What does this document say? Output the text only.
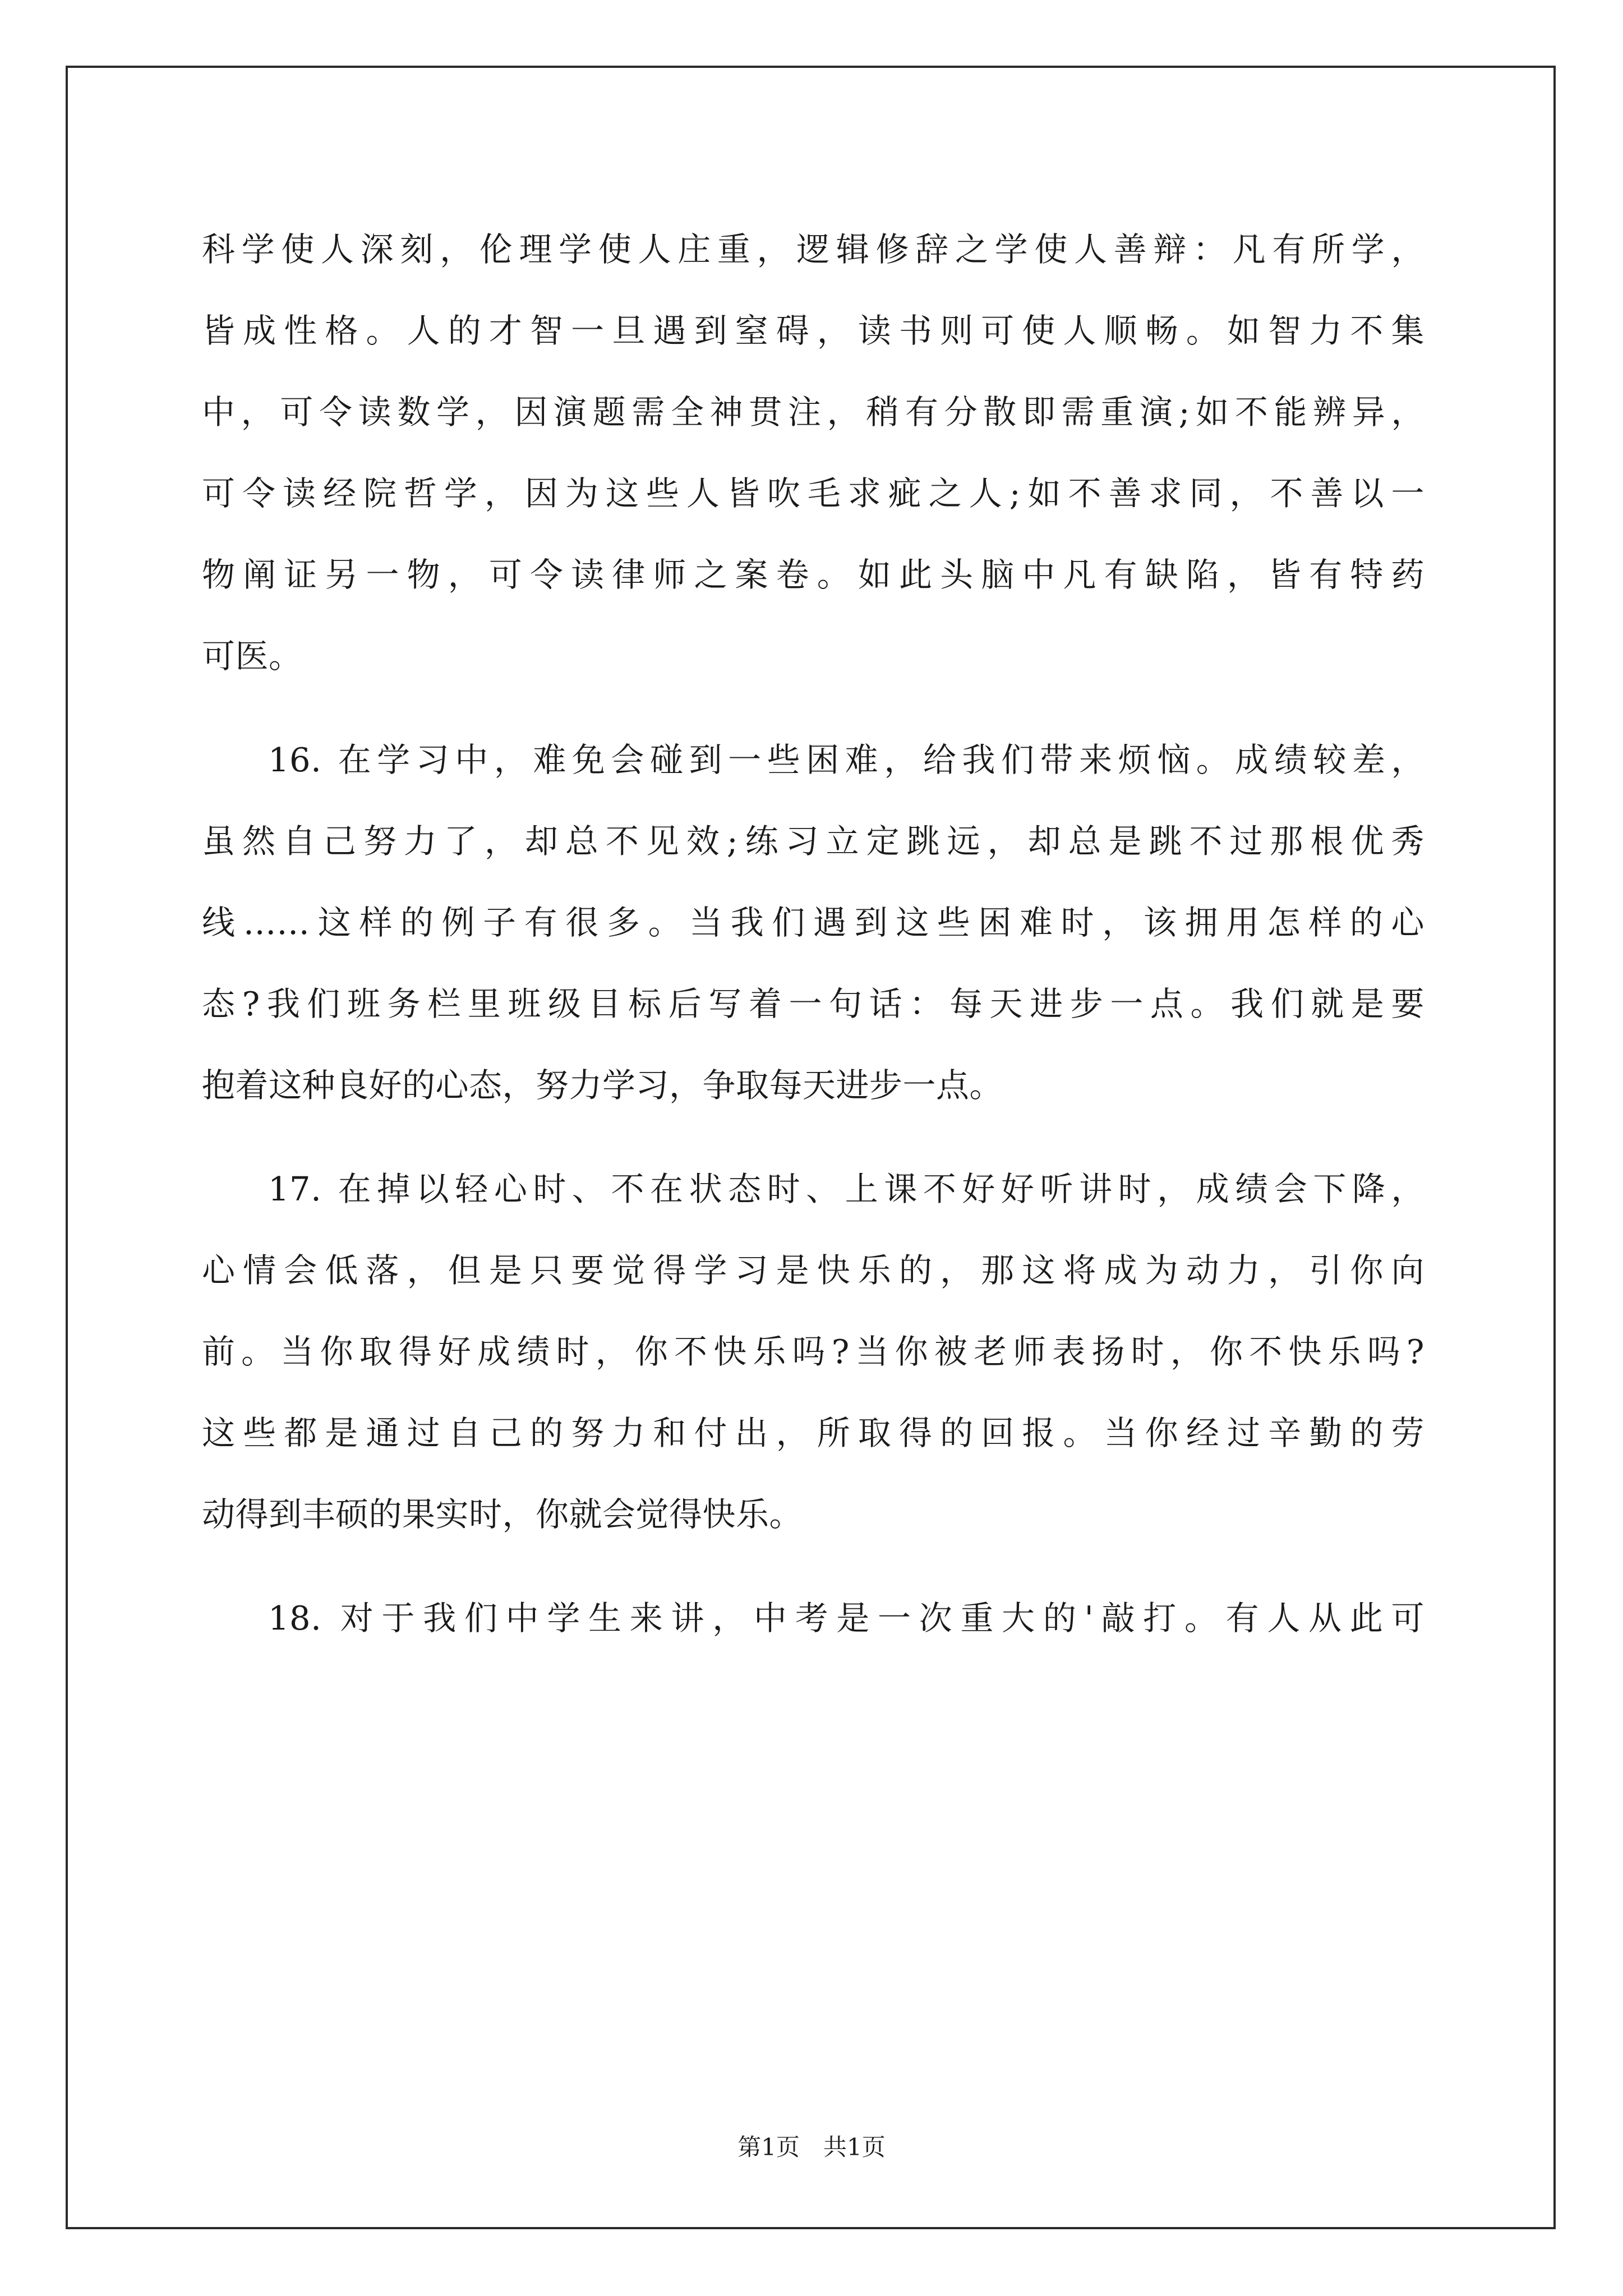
科学使人深刻，伦理学使人庄重，逻辑修辞之学使人善辩：凡有所学，
皆成性格。人的才智一旦遇到窒碍，读书则可使人顺畅。如智力不集
中，可令读数学，因演题需全神贯注，稍有分散即需重演;如不能辨异，
可令读经院哲学，因为这些人皆吹毛求疵之人;如不善求同，不善以一
物阐证另一物，可令读律师之案卷。如此头脑中凡有缺陷，皆有特药
可医。
16. 在学习中，难免会碰到一些困难，给我们带来烦恼。成绩较差，
虽然自己努力了，却总不见效;练习立定跳远，却总是跳不过那根优秀
线……这样的例子有很多。当我们遇到这些困难时，该拥用怎样的心
态?我们班务栏里班级目标后写着一句话：每天进步一点。我们就是要
抱着这种良好的心态，努力学习，争取每天进步一点。
17. 在掉以轻心时、不在状态时、上课不好好听讲时，成绩会下降，
心情会低落，但是只要觉得学习是快乐的，那这将成为动力，引你向
前。当你取得好成绩时，你不快乐吗?当你被老师表扬时，你不快乐吗?
这些都是通过自己的努力和付出，所取得的回报。当你经过辛勤的劳
动得到丰硕的果实时，你就会觉得快乐。
18. 对于我们中学生来讲，中考是一次重大的'敲打。有人从此可
第1页　共1页
